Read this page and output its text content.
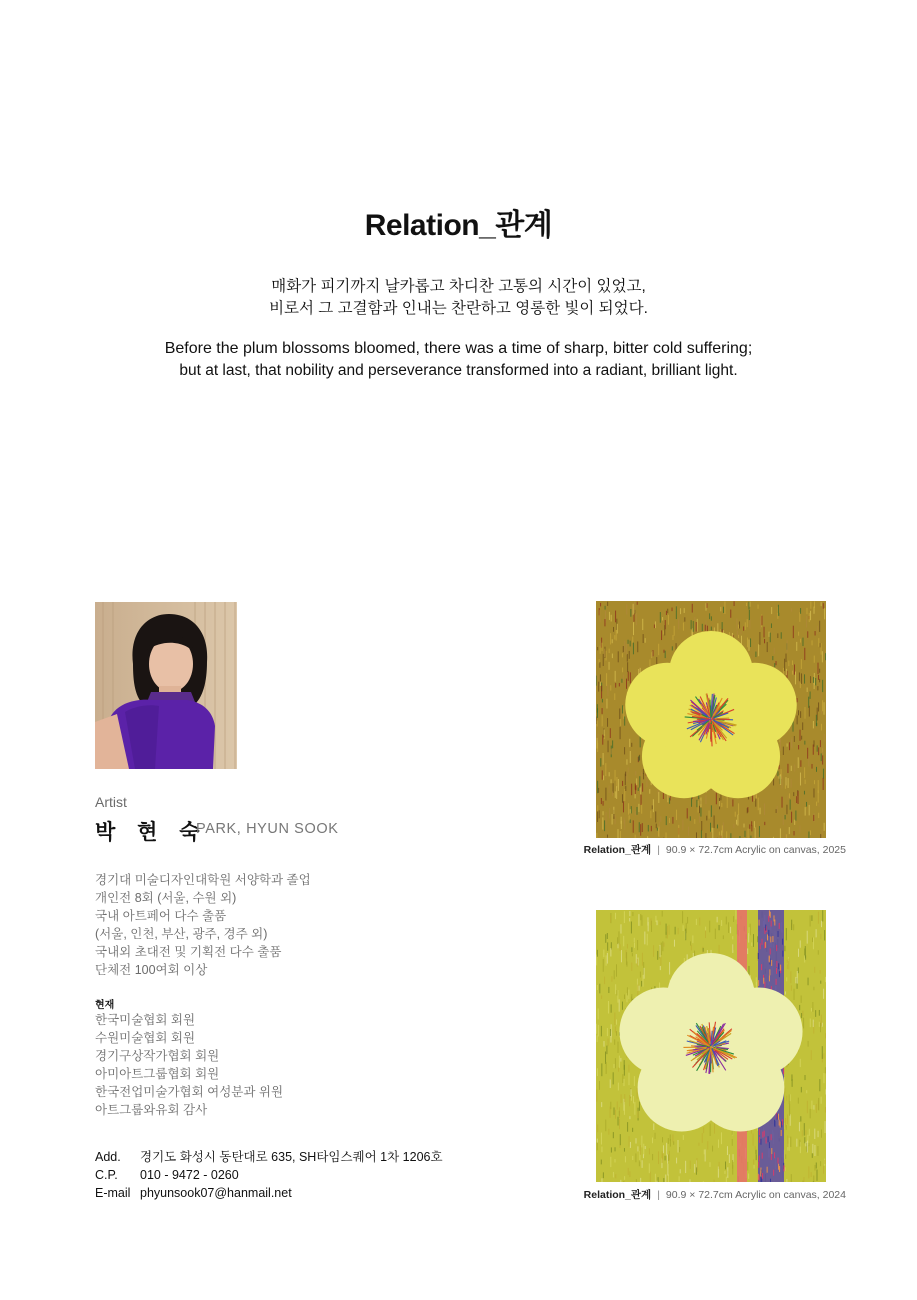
Relation_관계

매화가 피기까지 날카롭고 차디찬 고통의 시간이 있었고,

비로서 그 고결함과 인내는 찬란하고 영롱한 빛이 되었다.

Before the plum blossoms bloomed, there was a time of sharp, bitter cold suffering;

but at last, that nobility and perseverance transformed into a radiant, brilliant light.

Artist
박 현 숙
PARK, HYUN SOOK
경기대 미술디자인대학원 서양학과 졸업
개인전 8회 (서울, 수원 외)
국내 아트페어 다수 출품
(서울, 인천, 부산, 광주, 경주 외)
국내외 초대전 및 기획전 다수 출품
단체전 100여회 이상
현재
한국미술협회 회원
수원미술협회 회원
경기구상작가협회 회원
아미아트그룹협회 회원
한국전업미술가협회 여성분과 위원
아트그룹와유회 감사
Add.	경기도 화성시 동탄대로 635, SH타임스퀘어 1차 1206호
C.P.	010 - 9472 - 0260
E-mail phyunsook07@hanmail.net
Relation_관계 | 90.9 × 72.7cm Acrylic on canvas, 2025
Relation_관계 | 90.9 × 72.7cm Acrylic on canvas, 2024
